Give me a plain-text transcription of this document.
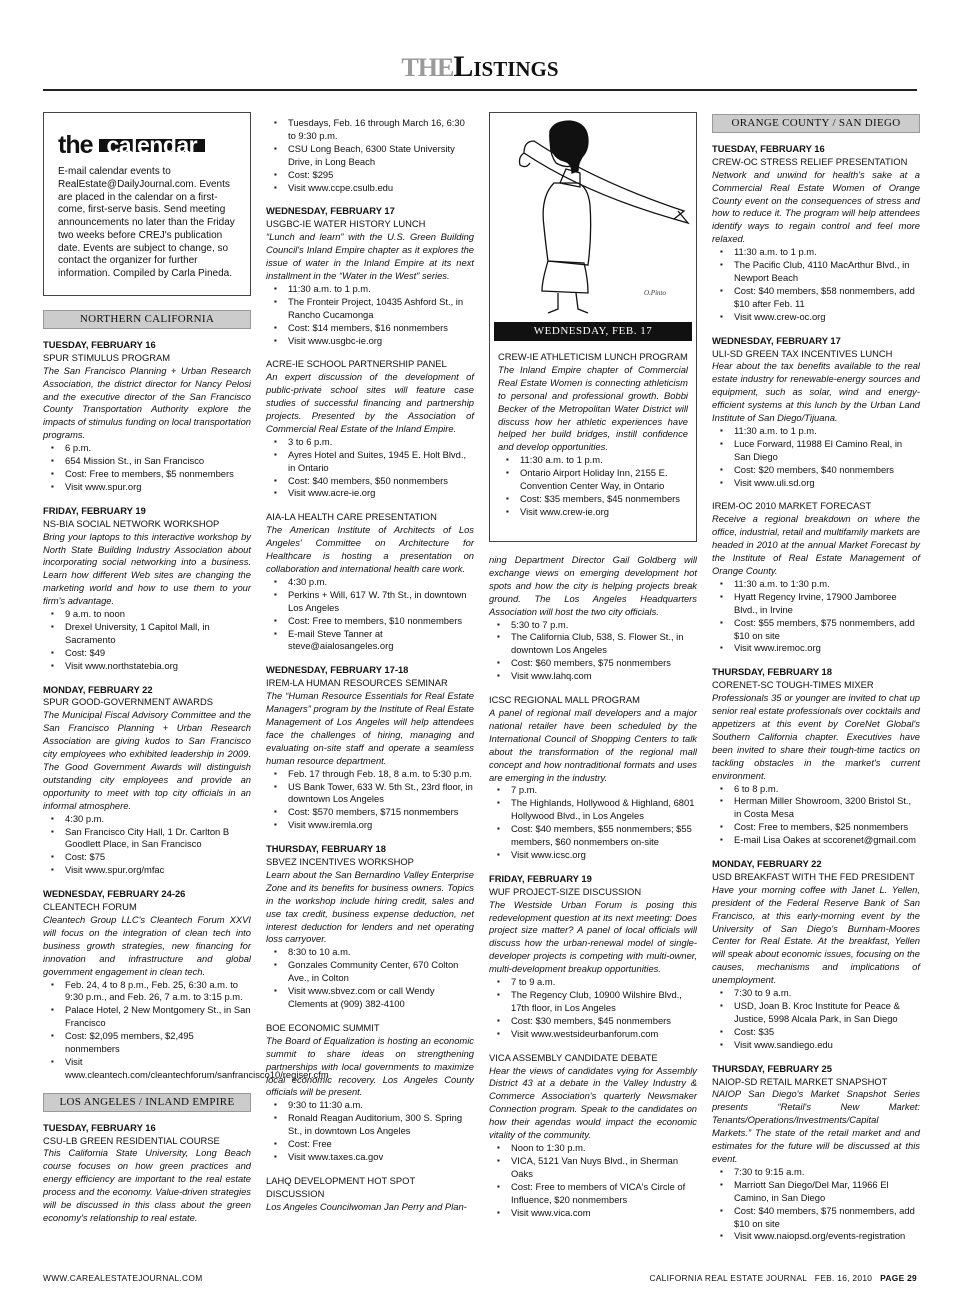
THEListings
the calendar

E-mail calendar events to RealEstate@DailyJournal.com. Events are placed in the calendar on a first-come, first-serve basis. Send meeting announcements no later than the Friday two weeks before CREJ's publication date. Events are subject to change, so contact the organizer for further information. Compiled by Carla Pineda.

NORTHERN CALIFORNIA
TUESDAY, FEBRUARY 16
SPUR STIMULUS PROGRAM
The San Francisco Planning + Urban Research Association, the district director for Nancy Pelosi and the executive director of the San Francisco County Transportation Authority explore the impacts of stimulus funding on local transportation programs.
▪ 6 p.m.
▪ 654 Mission St., in San Francisco
▪ Cost: Free to members, $5 nonmembers
▪ Visit www.spur.org
FRIDAY, FEBRUARY 19
NS-BIA SOCIAL NETWORK WORKSHOP
Bring your laptops to this interactive workshop by North State Building Industry Association about incorporating social networking into a business. Learn how different Web sites are changing the marketing world and how to use them to your firm's advantage.
▪ 9 a.m. to noon
▪ Drexel University, 1 Capitol Mall, in Sacramento
▪ Cost: $49
▪ Visit www.northstatebia.org
MONDAY, FEBRUARY 22
SPUR GOOD-GOVERNMENT AWARDS
The Municipal Fiscal Advisory Committee and the San Francisco Planning + Urban Research Association are giving kudos to San Francisco city employees who exhibited leadership in 2009. The Good Government Awards will distinguish outstanding city employees and provide an opportunity to meet with top city officials in an informal atmosphere.
▪ 4:30 p.m.
▪ San Francisco City Hall, 1 Dr. Carlton B Goodlett Place, in San Francisco
▪ Cost: $75
▪ Visit www.spur.org/mfac
WEDNESDAY, FEBRUARY 24-26
CLEANTECH FORUM
Cleantech Group LLC's Cleantech Forum XXVI will focus on the integration of clean tech into business growth strategies, new financing for innovation and infrastructure and global government engagement in clean tech.
▪ Feb. 24, 4 to 8 p.m., Feb. 25, 6:30 a.m. to 9:30 p.m., and Feb. 26, 7 a.m. to 3:15 p.m.
▪ Palace Hotel, 2 New Montgomery St., in San Francisco
▪ Cost: $2,095 members, $2,495 nonmembers
▪ Visit www.cleantech.com/cleantechforum/sanfrancisco10/regiser.cfm
LOS ANGELES / INLAND EMPIRE
TUESDAY, FEBRUARY 16
CSU-LB GREEN RESIDENTIAL COURSE
This California State University, Long Beach course focuses on how green practices and energy efficiency are important to the real estate process and the economy. Value-driven strategies will be discussed in this class about the green economy's relationship to real estate.
▪ Tuesdays, Feb. 16 through March 16, 6:30 to 9:30 p.m.
▪ CSU Long Beach, 6300 State University Drive, in Long Beach
▪ Cost: $295
▪ Visit www.ccpe.csulb.edu
WEDNESDAY, FEBRUARY 17
USGBC-IE WATER HISTORY LUNCH
“Lunch and learn” with the U.S. Green Building Council's Inland Empire chapter as it explores the issue of water in the Inland Empire at its next installment in the “Water in the West” series.
▪ 11:30 a.m. to 1 p.m.
▪ The Fronteir Project, 10435 Ashford St., in Rancho Cucamonga
▪ Cost: $14 members, $16 nonmembers
▪ Visit www.usgbc-ie.org
ACRE-IE SCHOOL PARTNERSHIP PANEL
An expert discussion of the development of public-private school sites will feature case studies of successful financing and partnership projects. Presented by the Association of Commercial Real Estate of the Inland Empire.
▪ 3 to 6 p.m.
▪ Ayres Hotel and Suites, 1945 E. Holt Blvd., in Ontario
▪ Cost: $40 members, $50 nonmembers
▪ Visit www.acre-ie.org
AIA-LA HEALTH CARE PRESENTATION
The American Institute of Architects of Los Angeles' Committee on Architecture for Healthcare is hosting a presentation on collaboration and international health care work.
▪ 4:30 p.m.
▪ Perkins + Will, 617 W. 7th St., in downtown Los Angeles
▪ Cost: Free to members, $10 nonmembers
▪ E-mail Steve Tanner at steve@aialosangeles.org
WEDNESDAY, FEBRUARY 17-18
IREM-LA HUMAN RESOURCES SEMINAR
The “Human Resource Essentials for Real Estate Managers” program by the Institute of Real Estate Management of Los Angeles will help attendees face the challenges of hiring, managing and evaluating on-site staff and operate a seamless human resource department.
▪ Feb. 17 through Feb. 18, 8 a.m. to 5:30 p.m.
▪ US Bank Tower, 633 W. 5th St., 23rd floor, in downtown Los Angeles
▪ Cost: $570 members, $715 nonmembers
▪ Visit www.iremla.org
THURSDAY, FEBRUARY 18
SBVEZ INCENTIVES WORKSHOP
Learn about the San Bernardino Valley Enterprise Zone and its benefits for business owners. Topics in the workshop include hiring credit, sales and use tax credit, business expense deduction, net interest deduction for lenders and net operating loss carryover.
▪ 8:30 to 10 a.m.
▪ Gonzales Community Center, 670 Colton Ave., in Colton
▪ Visit www.sbvez.com or call Wendy Clements at (909) 382-4100
BOE ECONOMIC SUMMIT
The Board of Equalization is hosting an economic summit to share ideas on strengthening partnerships with local governments to maximize local economic recovery. Los Angeles County officials will be present.
▪ 9:30 to 11:30 a.m.
▪ Ronald Reagan Auditorium, 300 S. Spring St., in downtown Los Angeles
▪ Cost: Free
▪ Visit www.taxes.ca.gov
LAHQ DEVELOPMENT HOT SPOT DISCUSSION
Los Angeles Councilwoman Jan Perry and Plan-
O.Pinto
WEDNESDAY, FEB. 17
CREW-IE ATHLETICISM LUNCH PROGRAM
The Inland Empire chapter of Commercial Real Estate Women is connecting athleticism to personal and professional growth. Bobbi Becker of the Metropolitan Water District will discuss how her athletic experiences have helped her build bridges, instill confidence and develop opportunities.
▪ 11:30 a.m. to 1 p.m.
▪ Ontario Airport Holiday Inn, 2155 E. Convention Center Way, in Ontario
▪ Cost: $35 members, $45 nonmembers
▪ Visit www.crew-ie.org
ning Department Director Gail Goldberg will exchange views on emerging development hot spots and how the city is helping projects break ground. The Los Angeles Headquarters Association will host the two city officials.
▪ 5:30 to 7 p.m.
▪ The California Club, 538, S. Flower St., in downtown Los Angeles
▪ Cost: $60 members, $75 nonmembers
▪ Visit www.lahq.com
ICSC REGIONAL MALL PROGRAM
A panel of regional mall developers and a major national retailer have been scheduled by the International Council of Shopping Centers to talk about the transformation of the regional mall concept and how nontraditional formats and uses are emerging in the industry.
▪ 7 p.m.
▪ The Highlands, Hollywood & Highland, 6801 Hollywood Blvd., in Los Angeles
▪ Cost: $40 members, $55 nonmembers; $55 members, $60 nonmembers on-site
▪ Visit www.icsc.org
FRIDAY, FEBRUARY 19
WUF PROJECT-SIZE DISCUSSION
The Westside Urban Forum is posing this redevelopment question at its next meeting: Does project size matter? A panel of local officials will discuss how the urban-renewal model of single-developer projects is competing with multi-owner, multi-development breakup opportunities.
▪ 7 to 9 a.m.
▪ The Regency Club, 10900 Wilshire Blvd., 17th floor, in Los Angeles
▪ Cost: $30 members, $45 nonmembers
▪ Visit www.westsideurbanforum.com
VICA ASSEMBLY CANDIDATE DEBATE
Hear the views of candidates vying for Assembly District 43 at a debate in the Valley Industry & Commerce Association's quarterly Newsmaker Connection program. Speak to the candidates on how their agendas would impact the economic vitality of the community.
▪ Noon to 1:30 p.m.
▪ VICA, 5121 Van Nuys Blvd., in Sherman Oaks
▪ Cost: Free to members of VICA's Circle of Influence, $20 nonmembers
▪ Visit www.vica.com
ORANGE COUNTY / SAN DIEGO
TUESDAY, FEBRUARY 16
CREW-OC STRESS RELIEF PRESENTATION
Network and unwind for health's sake at a Commercial Real Estate Women of Orange County event on the consequences of stress and how to reduce it. The program will help attendees identify ways to regain control and feel more relaxed.
▪ 11:30 a.m. to 1 p.m.
▪ The Pacific Club, 4110 MacArthur Blvd., in Newport Beach
▪ Cost: $40 members, $58 nonmembers, add $10 after Feb. 11
▪ Visit www.crew-oc.org
WEDNESDAY, FEBRUARY 17
ULI-SD GREEN TAX INCENTIVES LUNCH
Hear about the tax benefits available to the real estate industry for renewable-energy sources and equipment, such as solar, wind and energy-efficient systems at this lunch by the Urban Land Institute of San Diego/Tijuana.
▪ 11:30 a.m. to 1 p.m.
▪ Luce Forward, 11988 El Camino Real, in San Diego
▪ Cost: $20 members, $40 nonmembers
▪ Visit www.uli.sd.org
IREM-OC 2010 MARKET FORECAST
Receive a regional breakdown on where the office, industrial, retail and multifamily markets are headed in 2010 at the annual Market Forecast by the Institute of Real Estate Management of Orange County.
▪ 11:30 a.m. to 1:30 p.m.
▪ Hyatt Regency Irvine, 17900 Jamboree Blvd., in Irvine
▪ Cost: $55 members, $75 nonmembers, add $10 on site
▪ Visit www.iremoc.org
THURSDAY, FEBRUARY 18
CORENET-SC TOUGH-TIMES MIXER
Professionals 35 or younger are invited to chat up senior real estate professionals over cocktails and appetizers at this event by CoreNet Global's Southern California chapter. Executives have been invited to share their tough-time tactics on tackling obstacles in the market's current environment.
▪ 6 to 8 p.m.
▪ Herman Miller Showroom, 3200 Bristol St., in Costa Mesa
▪ Cost: Free to members, $25 nonmembers
▪ E-mail Lisa Oakes at sccorenet@gmail.com
MONDAY, FEBRUARY 22
USD BREAKFAST WITH THE FED PRESIDENT
Have your morning coffee with Janet L. Yellen, president of the Federal Reserve Bank of San Francisco, at this early-morning event by the University of San Diego's Burnham-Moores Center for Real Estate. At the breakfast, Yellen will speak about economic issues, focusing on the causes, mechanisms and implications of unemployment.
▪ 7:30 to 9 a.m.
▪ USD, Joan B. Kroc Institute for Peace & Justice, 5998 Alcala Park, in San Diego
▪ Cost: $35
▪ Visit www.sandiego.edu
THURSDAY, FEBRUARY 25
NAIOP-SD RETAIL MARKET SNAPSHOT
NAIOP San Diego's Market Snapshot Series presents “Retail's New Market: Tenants/Operations/Investments/Capital Markets.” The state of the retail market and and estimates for the future will be discussed at this event.
▪ 7:30 to 9:15 a.m.
▪ Marriott San Diego/Del Mar, 11966 El Camino, in San Diego
▪ Cost: $40 members, $75 nonmembers, add $10 on site
▪ Visit www.naiopsd.org/events-registration
WWW.CAREALESTATEJOURNAL.COM	CALIFORNIA REAL ESTATE JOURNAL FEB. 16, 2010 PAGE 29
